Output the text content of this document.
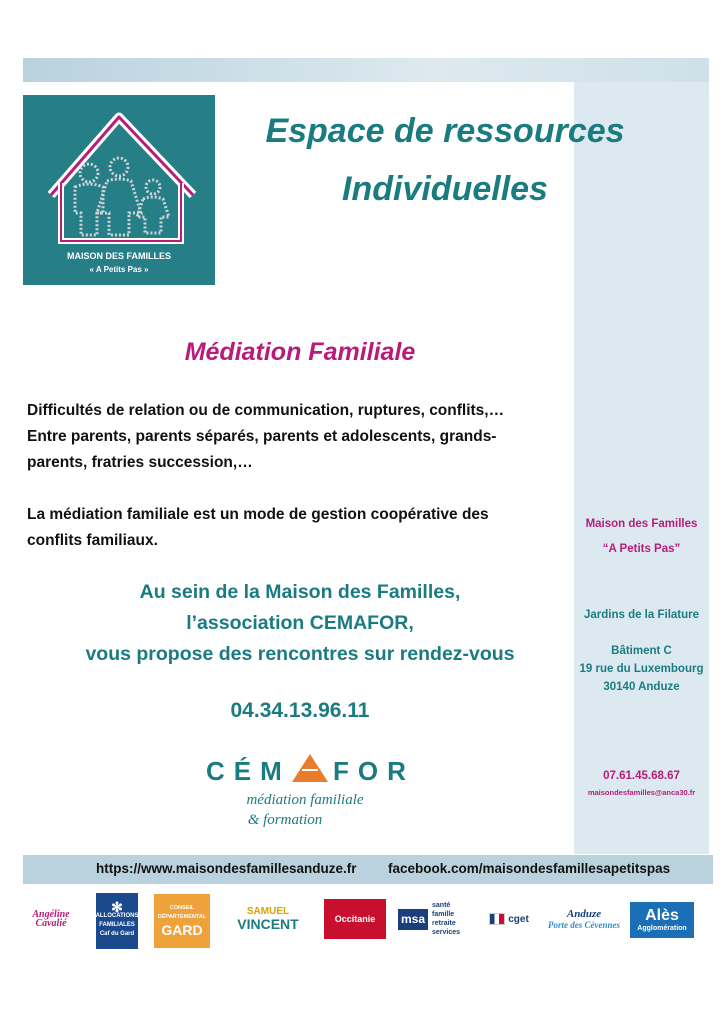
MAISON DES FAMILLES
« A Petits Pas »
Espace de ressources
Individuelles
Médiation Familiale
Difficultés de relation ou de communication, ruptures, conflits,…
Entre parents, parents séparés, parents et adolescents, grands-
parents, fratries succession,…
La médiation familiale est un mode de gestion coopérative des
conflits familiaux.
Au sein de la Maison des Familles,
l’association CEMAFOR,
vous propose des rencontres sur rendez-vous
04.34.13.96.11
CÉM FOR
médiation familiale
& formation
Maison des Familles
“A Petits Pas”
Jardins de la Filature
Bâtiment C
19 rue du Luxembourg
30140 Anduze
07.61.45.68.67
maisondesfamilles@anca30.fr
https://www.maisondesfamillesanduze.fr facebook.com/maisondesfamillesapetitspas
Angéline Cavalié
✻
ALLOCATIONS FAMILIALES
Caf du Gard
CONSEIL DÉPARTEMENTAL
GARD
SAMUEL
VINCENT	Occitanie msa
santé famille retraite services
cget	Anduze
Porte des Cévennes
Alès
Agglomération
